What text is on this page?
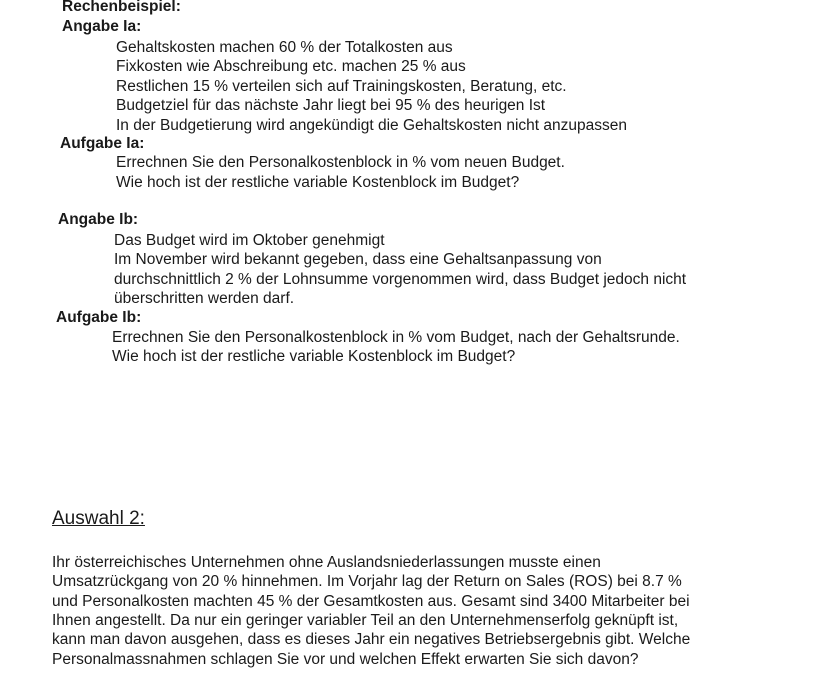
Rechenbeispiel:
Angabe Ia:
Gehaltskosten machen 60 % der Totalkosten aus
Fixkosten wie Abschreibung etc. machen 25 % aus
Restlichen 15 % verteilen sich auf Trainingskosten, Beratung, etc.
Budgetziel für das nächste Jahr liegt bei 95 % des heurigen Ist
In der Budgetierung wird angekündigt die Gehaltskosten nicht anzupassen
Aufgabe Ia:
Errechnen Sie den Personalkostenblock in % vom neuen Budget.
Wie hoch ist der restliche variable Kostenblock im Budget?
Angabe Ib:
Das Budget wird im Oktober genehmigt
Im November wird bekannt gegeben, dass eine Gehaltsanpassung von
durchschnittlich 2 % der Lohnsumme vorgenommen wird, dass Budget jedoch nicht
überschritten werden darf.
Aufgabe Ib:
Errechnen Sie den Personalkostenblock in % vom Budget, nach der Gehaltsrunde.
Wie hoch ist der restliche variable Kostenblock im Budget?
Auswahl 2:
Ihr österreichisches Unternehmen ohne Auslandsniederlassungen musste einen
Umsatzrückgang von 20 % hinnehmen. Im Vorjahr lag der Return on Sales (ROS) bei 8.7 %
und Personalkosten machten 45 % der Gesamtkosten aus. Gesamt sind 3400 Mitarbeiter bei
Ihnen angestellt. Da nur ein geringer variabler Teil an den Unternehmenserfolg geknüpft ist,
kann man davon ausgehen, dass es dieses Jahr ein negatives Betriebsergebnis gibt. Welche
Personalmassnahmen schlagen Sie vor und welchen Effekt erwarten Sie sich davon?
